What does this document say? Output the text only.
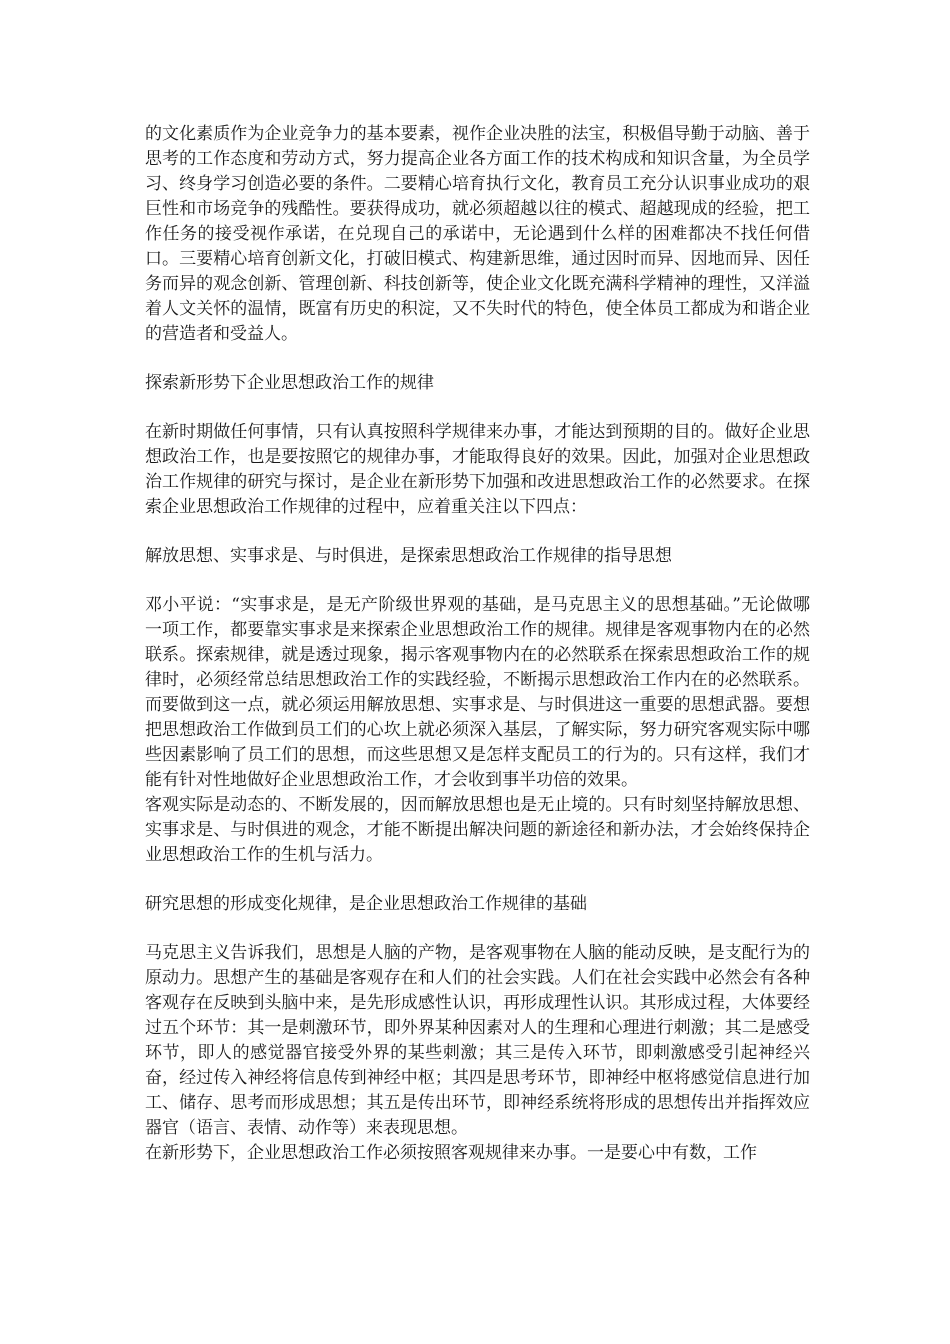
的文化素质作为企业竞争力的基本要素，视作企业决胜的法宝，积极倡导勤于动脑、善于思考的工作态度和劳动方式，努力提高企业各方面工作的技术构成和知识含量，为全员学习、终身学习创造必要的条件。二要精心培育执行文化，教育员工充分认识事业成功的艰巨性和市场竞争的残酷性。要获得成功，就必须超越以往的模式、超越现成的经验，把工作任务的接受视作承诺，在兑现自己的承诺中，无论遇到什么样的困难都决不找任何借口。三要精心培育创新文化，打破旧模式、构建新思维，通过因时而异、因地而异、因任务而异的观念创新、管理创新、科技创新等，使企业文化既充满科学精神的理性，又洋溢着人文关怀的温情，既富有历史的积淀，又不失时代的特色，使全体员工都成为和谐企业的营造者和受益人。

探索新形势下企业思想政治工作的规律

在新时期做任何事情，只有认真按照科学规律来办事，才能达到预期的目的。做好企业思想政治工作，也是要按照它的规律办事，才能取得良好的效果。因此，加强对企业思想政治工作规律的研究与探讨，是企业在新形势下加强和改进思想政治工作的必然要求。在探索企业思想政治工作规律的过程中，应着重关注以下四点：

解放思想、实事求是、与时俱进，是探索思想政治工作规律的指导思想

邓小平说：“实事求是，是无产阶级世界观的基础，是马克思主义的思想基础。”无论做哪一项工作，都要靠实事求是来探索企业思想政治工作的规律。规律是客观事物内在的必然联系。探索规律，就是透过现象，揭示客观事物内在的必然联系在探索思想政治工作的规律时，必须经常总结思想政治工作的实践经验，不断揭示思想政治工作内在的必然联系。而要做到这一点，就必须运用解放思想、实事求是、与时俱进这一重要的思想武器。要想把思想政治工作做到员工们的心坎上就必须深入基层，了解实际，努力研究客观实际中哪些因素影响了员工们的思想，而这些思想又是怎样支配员工的行为的。只有这样，我们才能有针对性地做好企业思想政治工作，才会收到事半功倍的效果。

客观实际是动态的、不断发展的，因而解放思想也是无止境的。只有时刻坚持解放思想、实事求是、与时俱进的观念，才能不断提出解决问题的新途径和新办法，才会始终保持企业思想政治工作的生机与活力。

研究思想的形成变化规律，是企业思想政治工作规律的基础

马克思主义告诉我们，思想是人脑的产物，是客观事物在人脑的能动反映，是支配行为的原动力。思想产生的基础是客观存在和人们的社会实践。人们在社会实践中必然会有各种客观存在反映到头脑中来，是先形成感性认识，再形成理性认识。其形成过程，大体要经过五个环节：其一是刺激环节，即外界某种因素对人的生理和心理进行刺激；其二是感受环节，即人的感觉器官接受外界的某些刺激；其三是传入环节，即刺激感受引起神经兴奋，经过传入神经将信息传到神经中枢；其四是思考环节，即神经中枢将感觉信息进行加工、储存、思考而形成思想；其五是传出环节，即神经系统将形成的思想传出并指挥效应器官（语言、表情、动作等）来表现思想。

在新形势下，企业思想政治工作必须按照客观规律来办事。一是要心中有数，工作
